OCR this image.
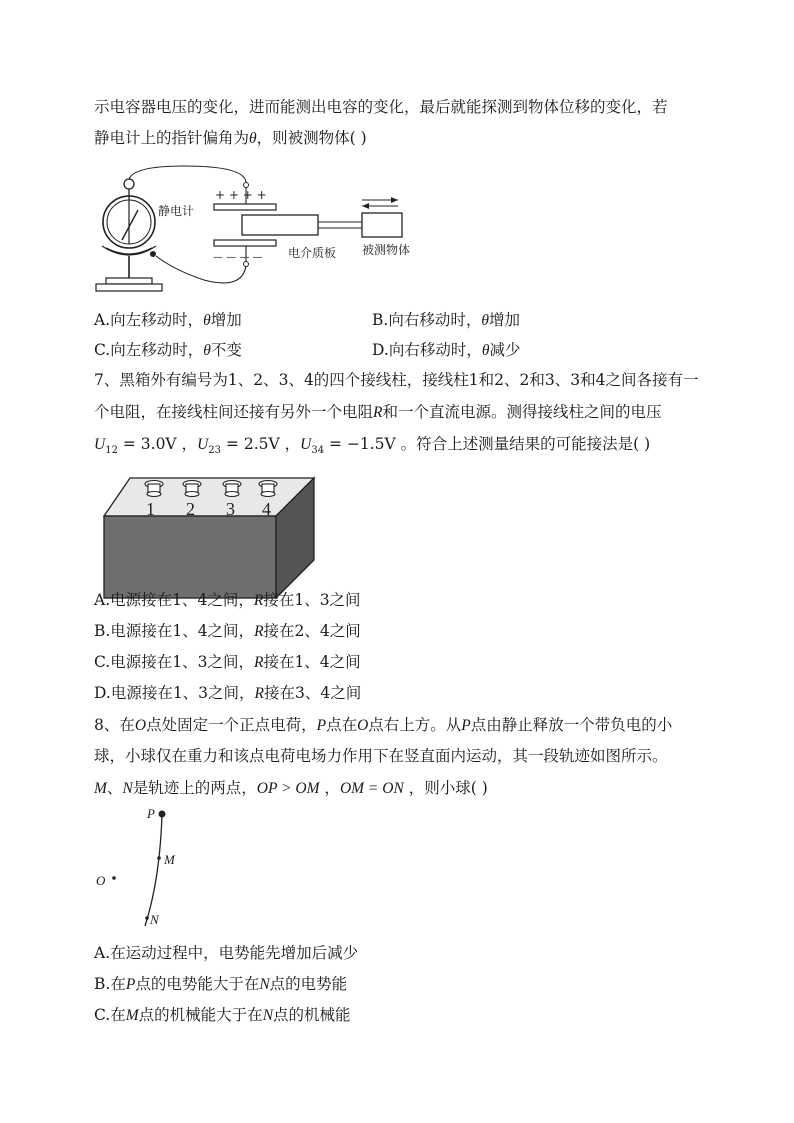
示电容器电压的变化，进而能测出电容的变化，最后就能探测到物体位移的变化，若
静电计上的指针偏角为θ，则被测物体( )
+ + + +
— — — —
静电计
电介质板 被测物体
A.向左移动时，θ增加	B.向右移动时，θ增加
C.向左移动时，θ不变	D.向右移动时，θ减少
7、黑箱外有编号为1、2、3、4的四个接线柱，接线柱1和2、2和3、3和4之间各接有一
个电阻，在接线柱间还接有另外一个电阻R和一个直流电源。测得接线柱之间的电压
$U_{12} = 3.0V$ ，$U_{23} = 2.5V$ ，$U_{34} = -1.5V$ 。符合上述测量结果的可能接法是( )
1 2 3 4
A.电源接在1、4之间，R接在1、3之间
B.电源接在1、4之间，R接在2、4之间
C.电源接在1、3之间，R接在1、4之间
D.电源接在1、3之间，R接在3、4之间
8、在O点处固定一个正点电荷，P点在O点右上方。从P点由静止释放一个带负电的小
球，小球仅在重力和该点电荷电场力作用下在竖直面内运动，其一段轨迹如图所示。
M、N是轨迹上的两点，OP > OM ，OM = ON ，则小球( )
P
M
O
N
A.在运动过程中，电势能先增加后减少
B.在P点的电势能大于在N点的电势能
C.在M点的机械能大于在N点的机械能
